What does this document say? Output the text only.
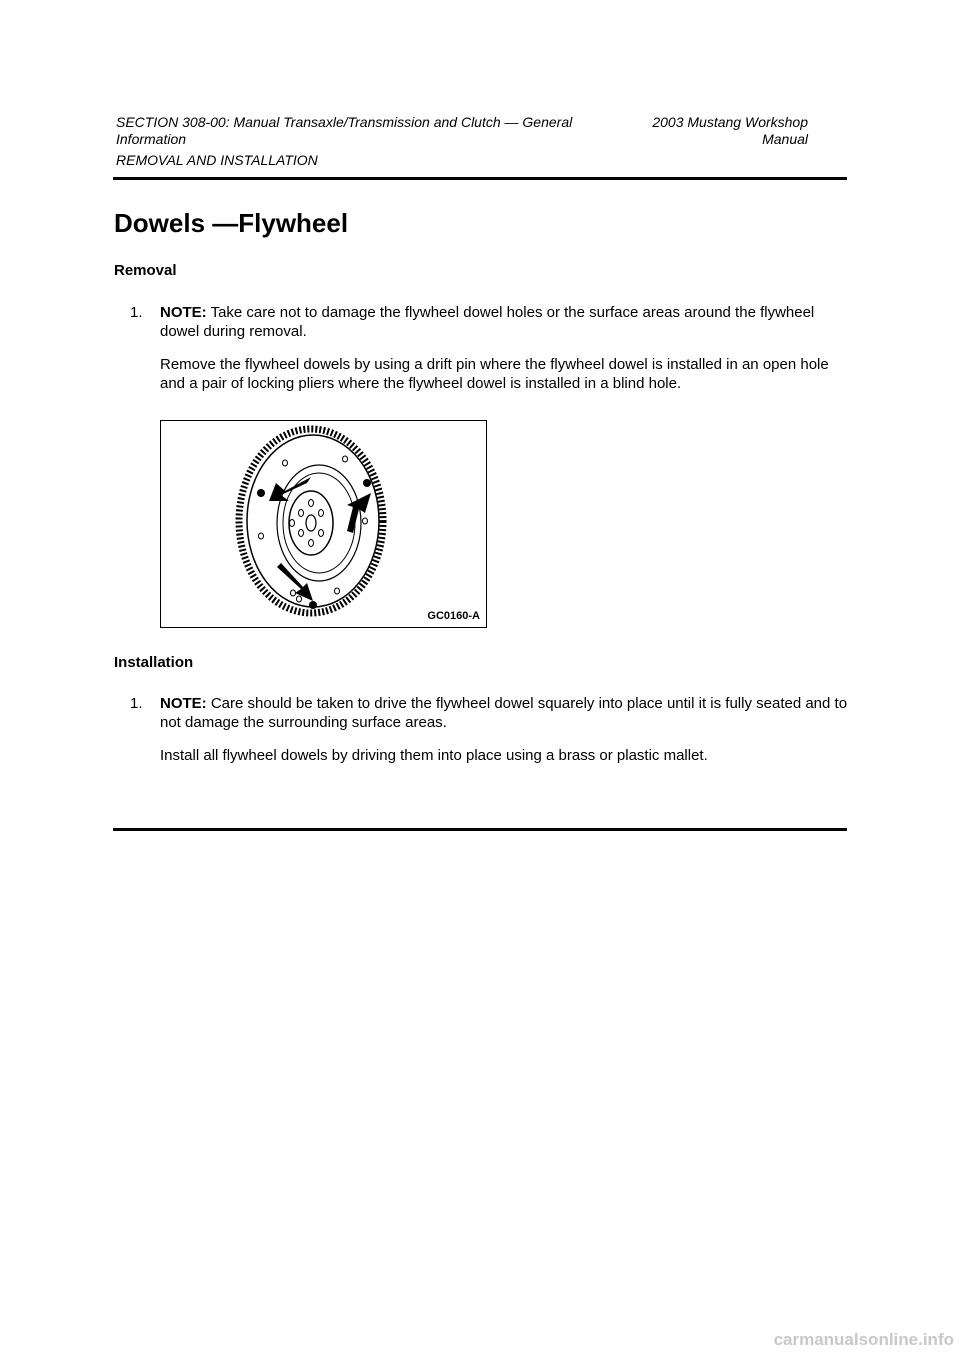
SECTION 308-00: Manual Transaxle/Transmission and Clutch — General Information
2003 Mustang Workshop Manual
REMOVAL AND INSTALLATION
Dowels —Flywheel
Removal
1. NOTE: Take care not to damage the flywheel dowel holes or the surface areas around the flywheel dowel during removal.

Remove the flywheel dowels by using a drift pin where the flywheel dowel is installed in an open hole and a pair of locking pliers where the flywheel dowel is installed in a blind hole.

GC0160-A
Installation
1. NOTE: Care should be taken to drive the flywheel dowel squarely into place until it is fully seated and to not damage the surrounding surface areas.

Install all flywheel dowels by driving them into place using a brass or plastic mallet.

carmanualsonline.info
